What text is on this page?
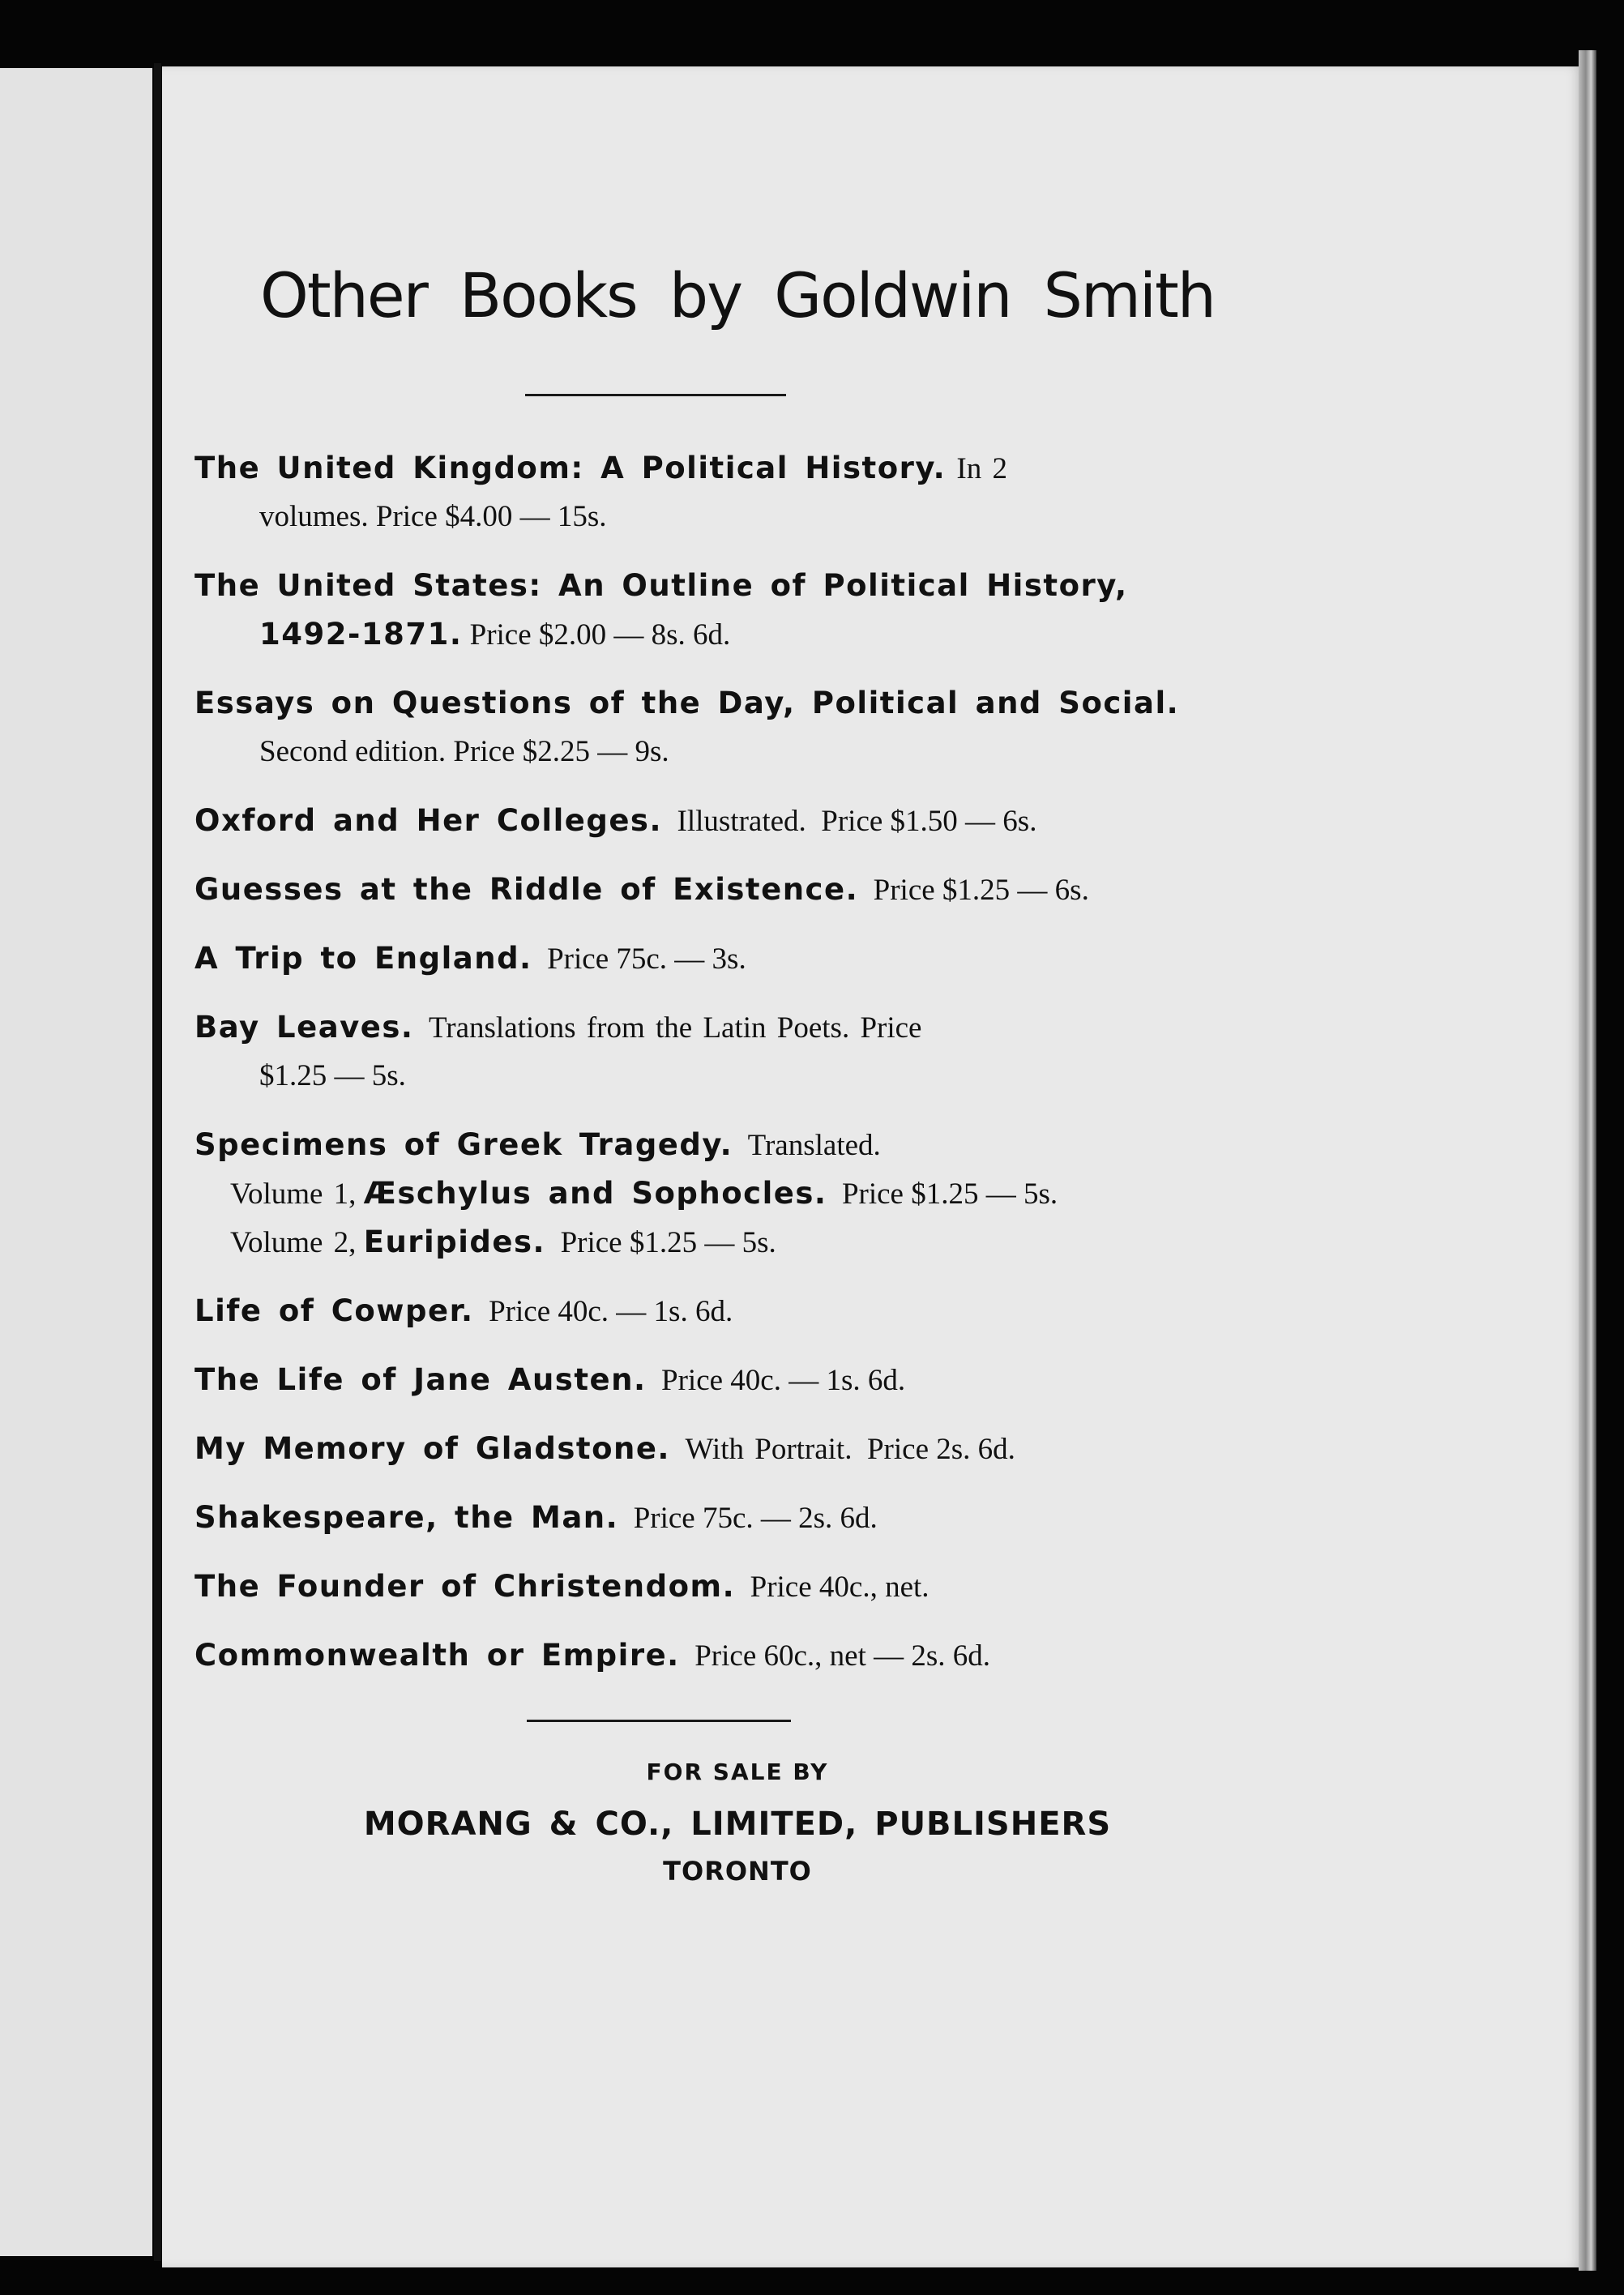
Other Books by Goldwin Smith
The United Kingdom: A Political History. In 2
volumes. Price $4.00 — 15s.
The United States: An Outline of Political History,
1492-1871. Price $2.00 — 8s. 6d.
Essays on Questions of the Day, Political and Social.
Second edition. Price $2.25 — 9s.
Oxford and Her Colleges. Illustrated. Price $1.50 — 6s.
Guesses at the Riddle of Existence. Price $1.25 — 6s.
A Trip to England. Price 75c. — 3s.
Bay Leaves. Translations from the Latin Poets. Price
$1.25 — 5s.
Specimens of Greek Tragedy. Translated.
Volume 1, Æschylus and Sophocles. Price $1.25 — 5s.
Volume 2, Euripides. Price $1.25 — 5s.
Life of Cowper. Price 40c. — 1s. 6d.
The Life of Jane Austen. Price 40c. — 1s. 6d.
My Memory of Gladstone. With Portrait. Price 2s. 6d.
Shakespeare, the Man. Price 75c. — 2s. 6d.
The Founder of Christendom. Price 40c., net.
Commonwealth or Empire. Price 60c., net — 2s. 6d.

FOR SALE BY

MORANG & CO., LIMITED, PUBLISHERS

TORONTO
